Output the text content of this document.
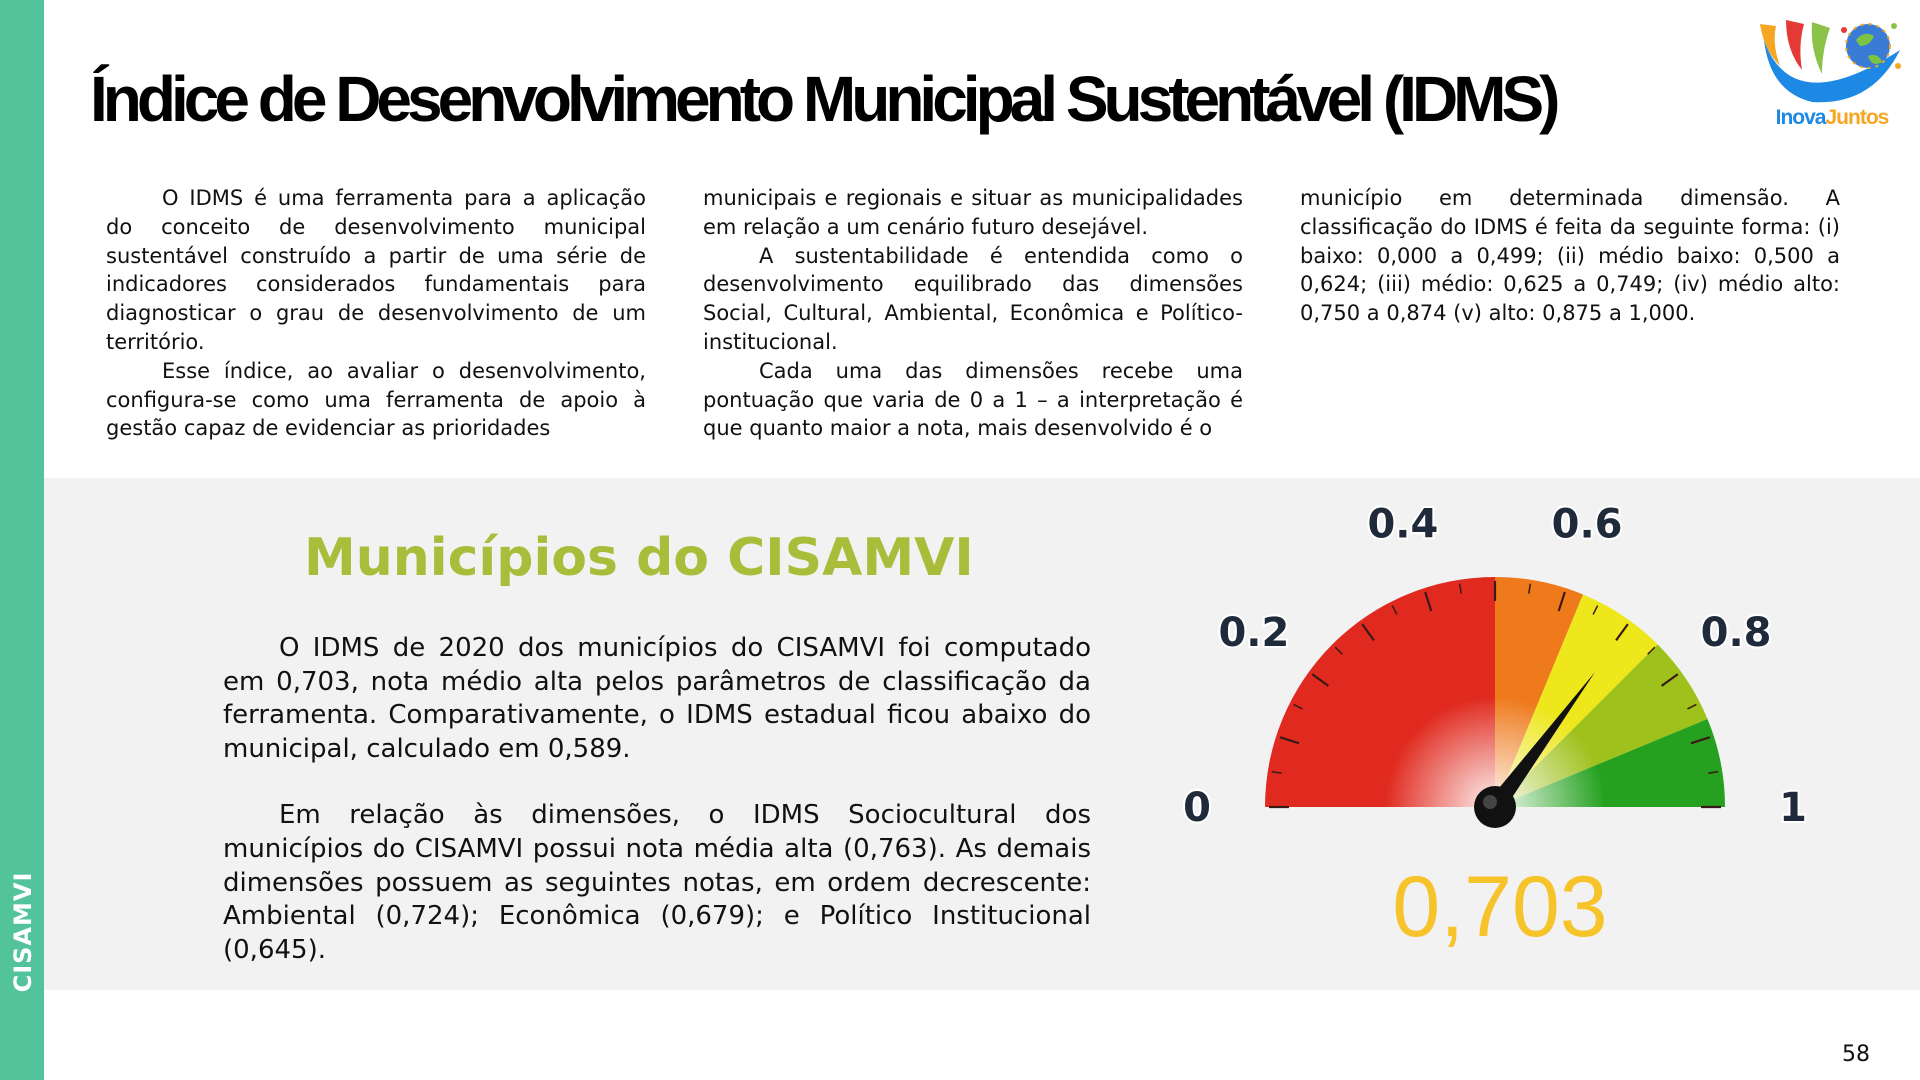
CISAMVI
Índice de Desenvolvimento Municipal Sustentável (IDMS)	InovaJuntos

O IDMS é uma ferramenta para a aplicação do conceito de desenvolvimento municipal sustentável construído a partir de uma série de indicadores considerados fundamentais para diagnosticar o grau de desenvolvimento de um território.

Esse índice, ao avaliar o desenvolvimento, configura-se como uma ferramenta de apoio à gestão capaz de evidenciar as prioridades

municipais e regionais e situar as municipalidades em relação a um cenário futuro desejável.

A sustentabilidade é entendida como o desenvolvimento equilibrado das dimensões Social, Cultural, Ambiental, Econômica e Político-institucional.

Cada uma das dimensões recebe uma pontuação que varia de 0 a 1 – a interpretação é que quanto maior a nota, mais desenvolvido é o

município em determinada dimensão. A classificação do IDMS é feita da seguinte forma: (i) baixo: 0,000 a 0,499; (ii) médio baixo: 0,500 a 0,624; (iii) médio: 0,625 a 0,749; (iv) médio alto: 0,750 a 0,874 (v) alto: 0,875 a 1,000.

Municípios do CISAMVI

O IDMS de 2020 dos municípios do CISAMVI foi computado em 0,703, nota médio alta pelos parâmetros de classificação da ferramenta. Comparativamente, o IDMS estadual ficou abaixo do municipal, calculado em 0,589.

Em relação às dimensões, o IDMS Sociocultural dos municípios do CISAMVI possui nota média alta (0,763). As demais dimensões possuem as seguintes notas, em ordem decrescente: Ambiental (0,724); Econômica (0,679); e Político Institucional (0,645).

0
0.2
0.4	0.6
0.8
1
0,703
58
